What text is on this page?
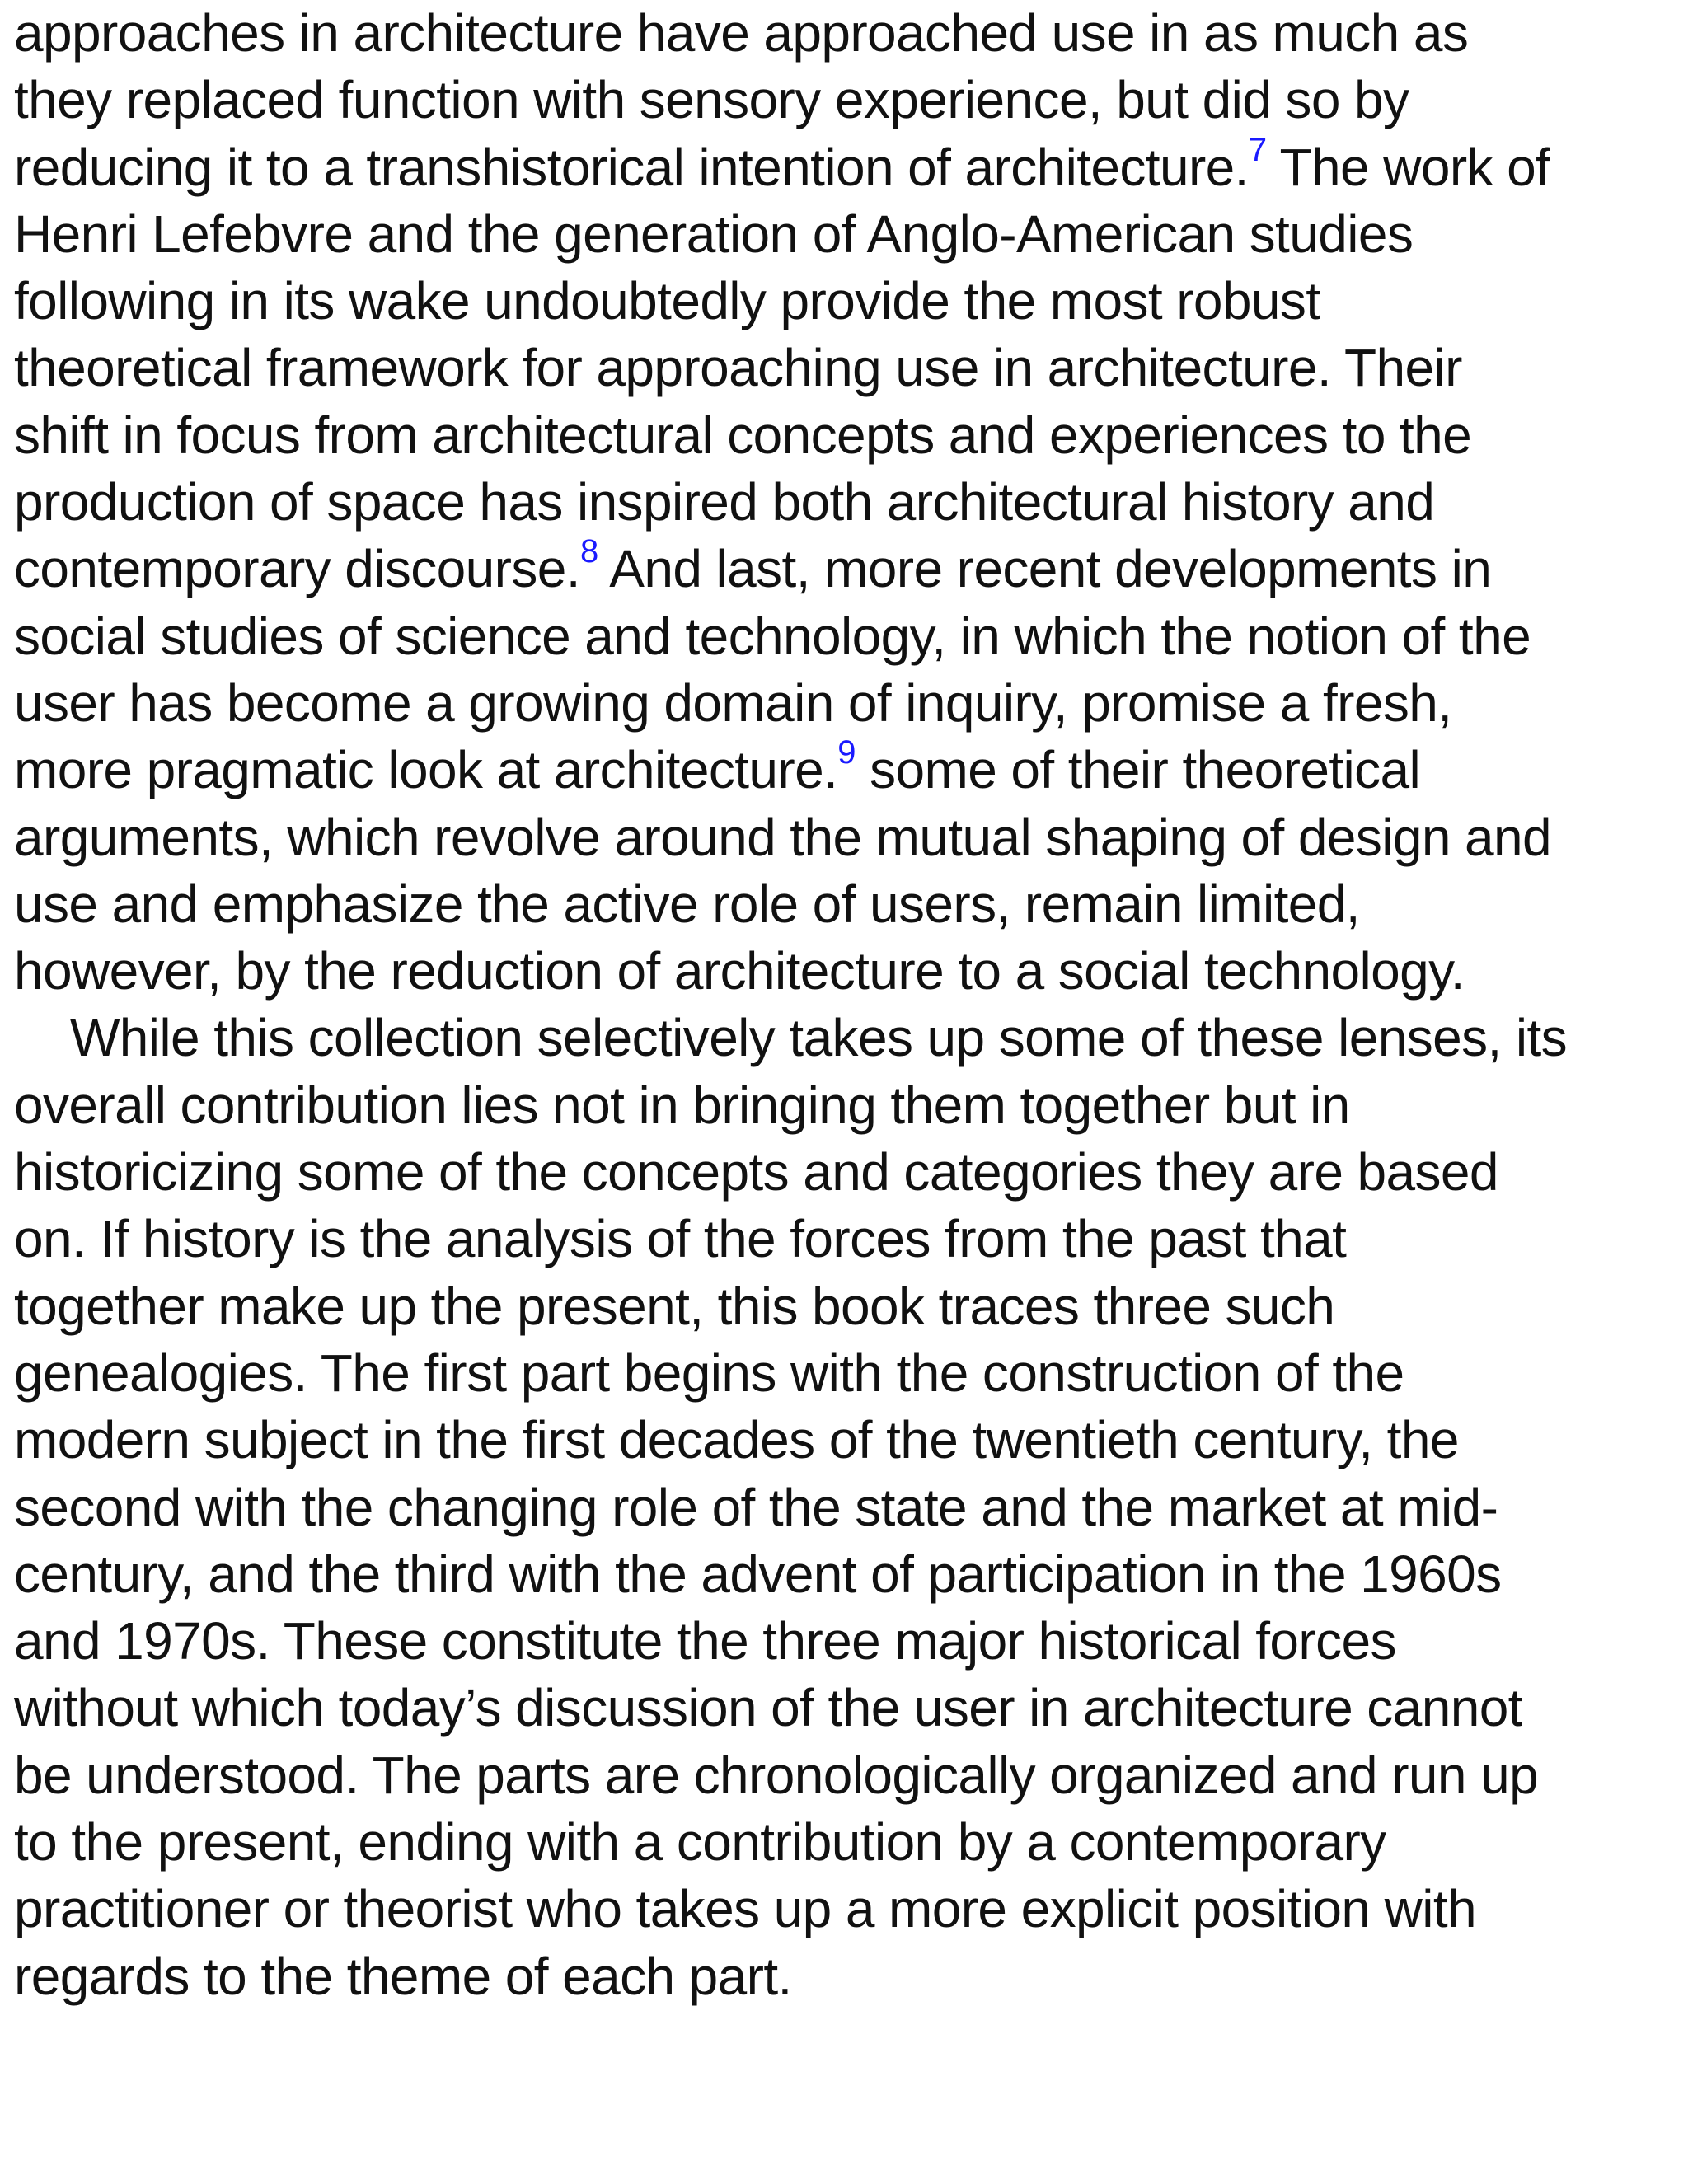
approaches in architecture have approached use in as much as
they replaced function with sensory experience, but did so by
reducing it to a transhistorical intention of architecture.$^7$ The work of
Henri Lefebvre and the generation of Anglo-American studies
following in its wake undoubtedly provide the most robust
theoretical framework for approaching use in architecture. Their
shift in focus from architectural concepts and experiences to the
production of space has inspired both architectural history and
contemporary discourse.$^8$ And last, more recent developments in
social studies of science and technology, in which the notion of the
user has become a growing domain of inquiry, promise a fresh,
more pragmatic look at architecture.$^9$ some of their theoretical
arguments, which revolve around the mutual shaping of design and
use and emphasize the active role of users, remain limited,
however, by the reduction of architecture to a social technology.

While this collection selectively takes up some of these lenses, its
overall contribution lies not in bringing them together but in
historicizing some of the concepts and categories they are based
on. If history is the analysis of the forces from the past that
together make up the present, this book traces three such
genealogies. The first part begins with the construction of the
modern subject in the first decades of the twentieth century, the
second with the changing role of the state and the market at mid-
century, and the third with the advent of participation in the 1960s
and 1970s. These constitute the three major historical forces
without which today’s discussion of the user in architecture cannot
be understood. The parts are chronologically organized and run up
to the present, ending with a contribution by a contemporary
practitioner or theorist who takes up a more explicit position with
regards to the theme of each part.
